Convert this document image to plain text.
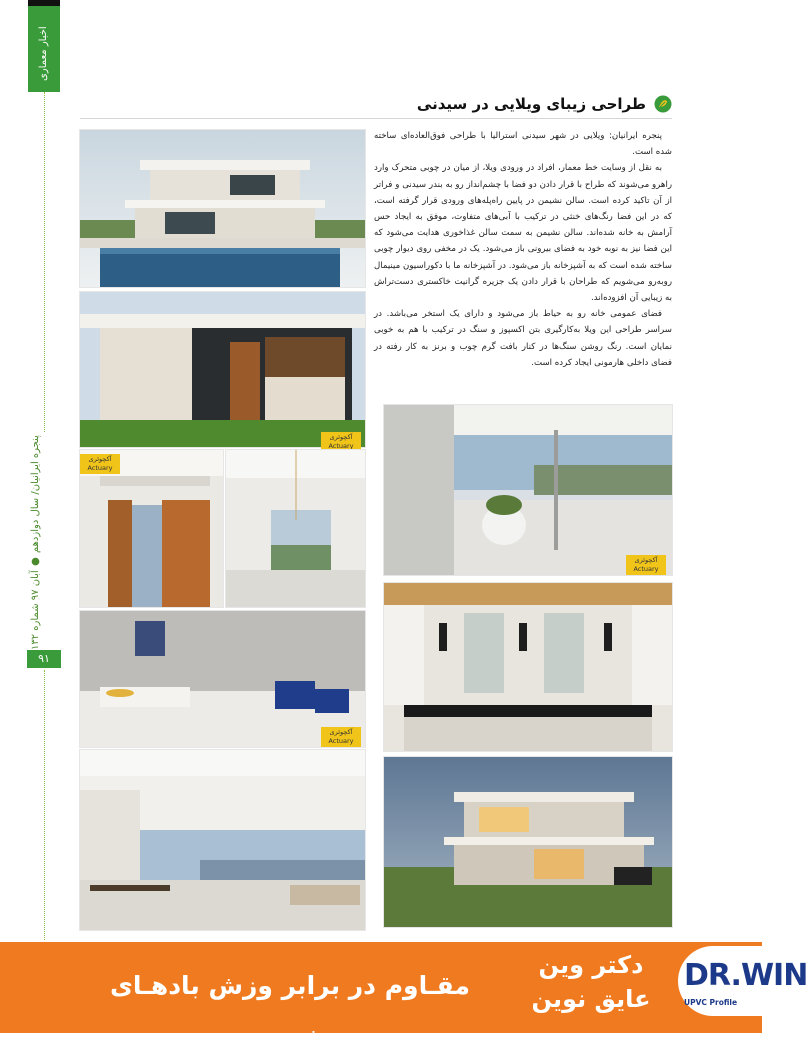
اخبار معماری
پنجره ایرانیان/ سال دوازدهم ● آبان ۹۷ شماره ۱۳۲
۹۱
طراحی زیبای ویلایی در سیدنی

پنجره ایرانیان: ویلایی در شهر سیدنی استرالیا با طراحی فوق‌العاده‌ای ساخته شده است.

به نقل از وسایت خط معمار، افراد در ورودی ویلا، از میان در چوبی متحرک وارد راهرو می‌شوند که طراح با قرار دادن دو فضا با چشم‌انداز رو به بندر سیدنی و فراتر از آن تاکید کرده است. سالن نشیمن در پایین راه‌پله‌های ورودی قرار گرفته است، که در این فضا رنگ‌های خنثی در ترکیب با آبی‌های متفاوت، موفق به ایجاد حس آرامش به خانه شده‌اند. سالن نشیمن به سمت سالن غذاخوری هدایت می‌شود که این فضا نیز به نوبه خود به فضای بیرونی باز می‌شود. یک در مخفی روی دیوار چوبی ساخته شده است که به آشپزخانه باز می‌شود. در آشپزخانه ما با دکوراسیون مینیمال روبه‌رو می‌شویم که طراحان با قرار دادن یک جزیره گرانیت خاکستری دست‌تراش به زیبایی آن افزوده‌اند.

فضای عمومی خانه رو به حیاط باز می‌شود و دارای یک استخر می‌باشد. در سراسر طراحی این ویلا به‌کارگیری بتن اکسپوز و سنگ در ترکیب با هم به خوبی نمایان است. رنگ روشن سنگ‌ها در کنار بافت گرم چوب و برنز به کار رفته در فضای داخلی هارمونی ایجاد کرده است.

آکچوئری
Actuary
آکچوئری
Actuary
آکچوئری
Actuary
آکچوئری
Actuary
مقـاوم در برابر وزش بادهـای
دکتر وین
عایق نوین
DR.WIN
UPVC Profile
